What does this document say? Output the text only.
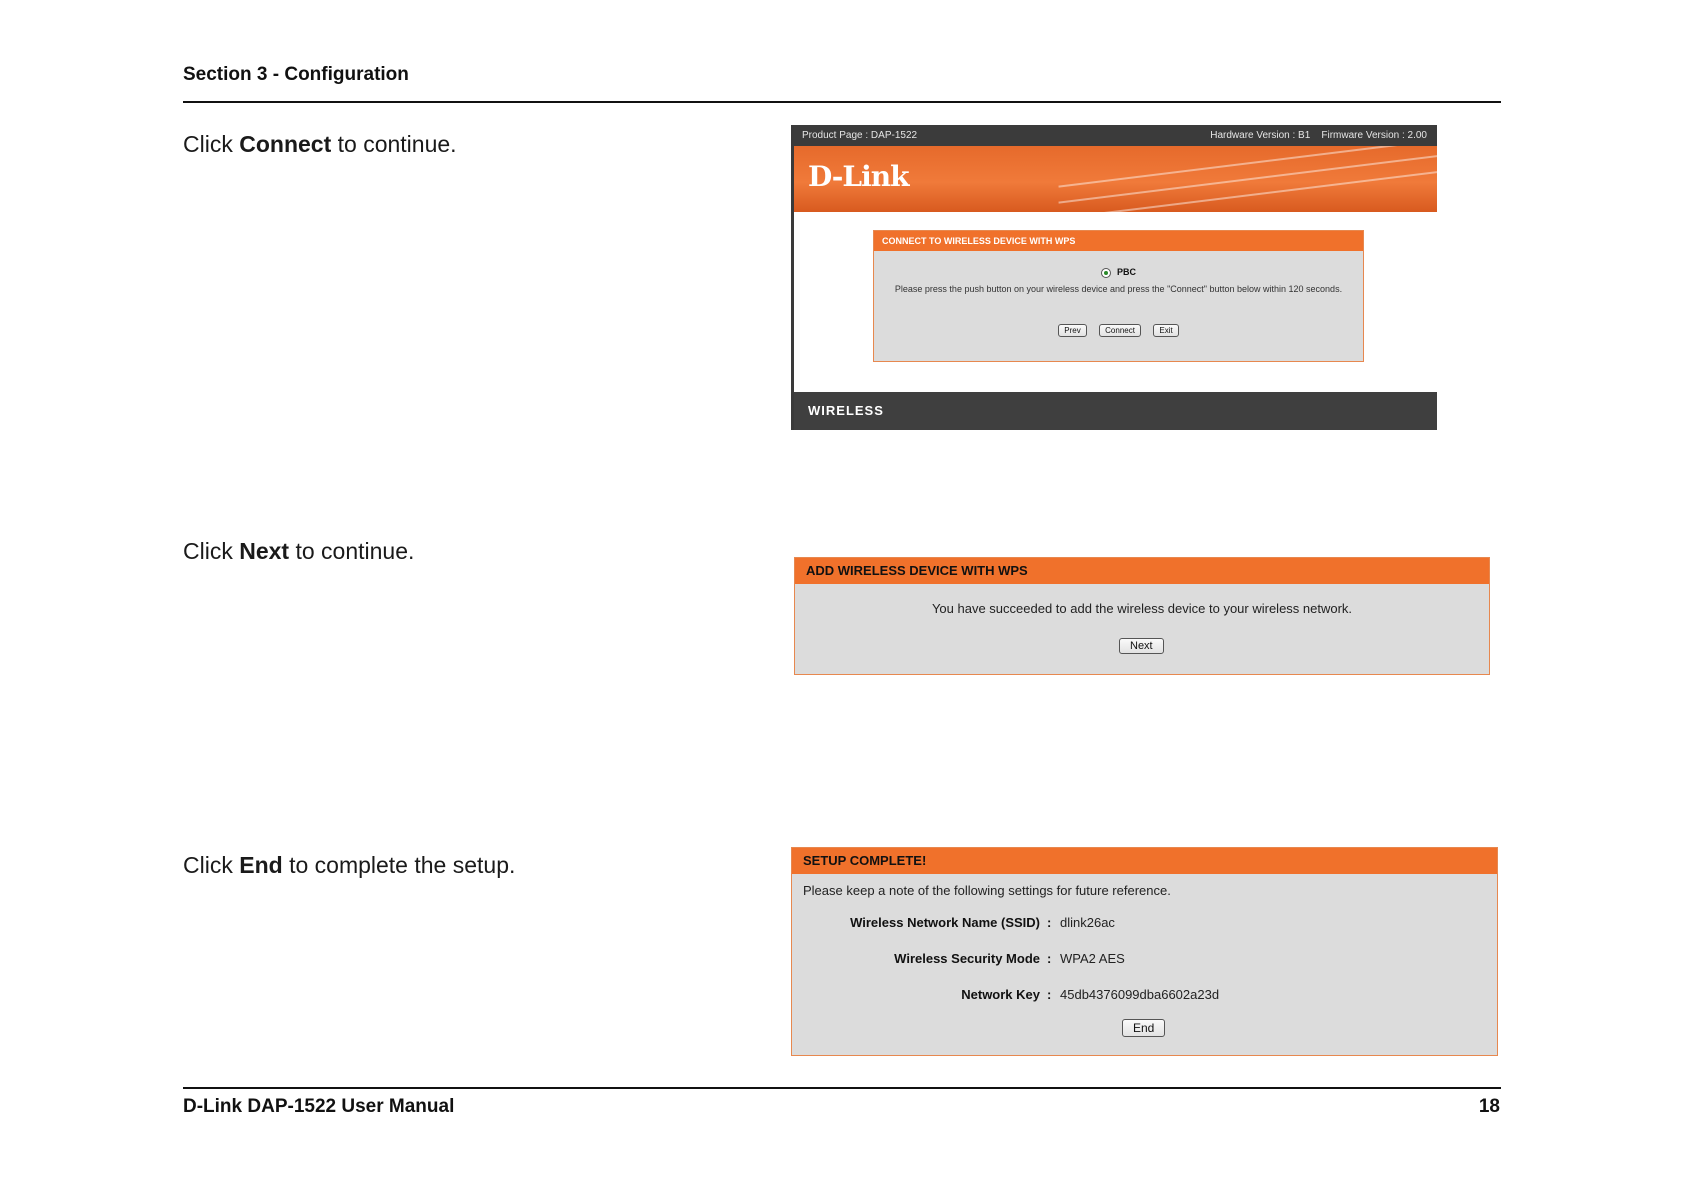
Section 3 - Configuration
Click Connect to continue.	Product Page : DAP-1522	Hardware Version : B1    Firmware Version : 2.00
D-Link
CONNECT TO WIRELESS DEVICE WITH WPS
PBC
Please press the push button on your wireless device and press the "Connect" button below within 120 seconds.
Prev	Connect	Exit
WIRELESS
Click Next to continue.
ADD WIRELESS DEVICE WITH WPS
You have succeeded to add the wireless device to your wireless network.
Next
Click End to complete the setup.	SETUP COMPLETE!
Please keep a note of the following settings for future reference.
Wireless Network Name (SSID) : dlink26ac
Wireless Security Mode : WPA2 AES
Network Key : 45db4376099dba6602a23d
End
D-Link DAP-1522 User Manual	18
